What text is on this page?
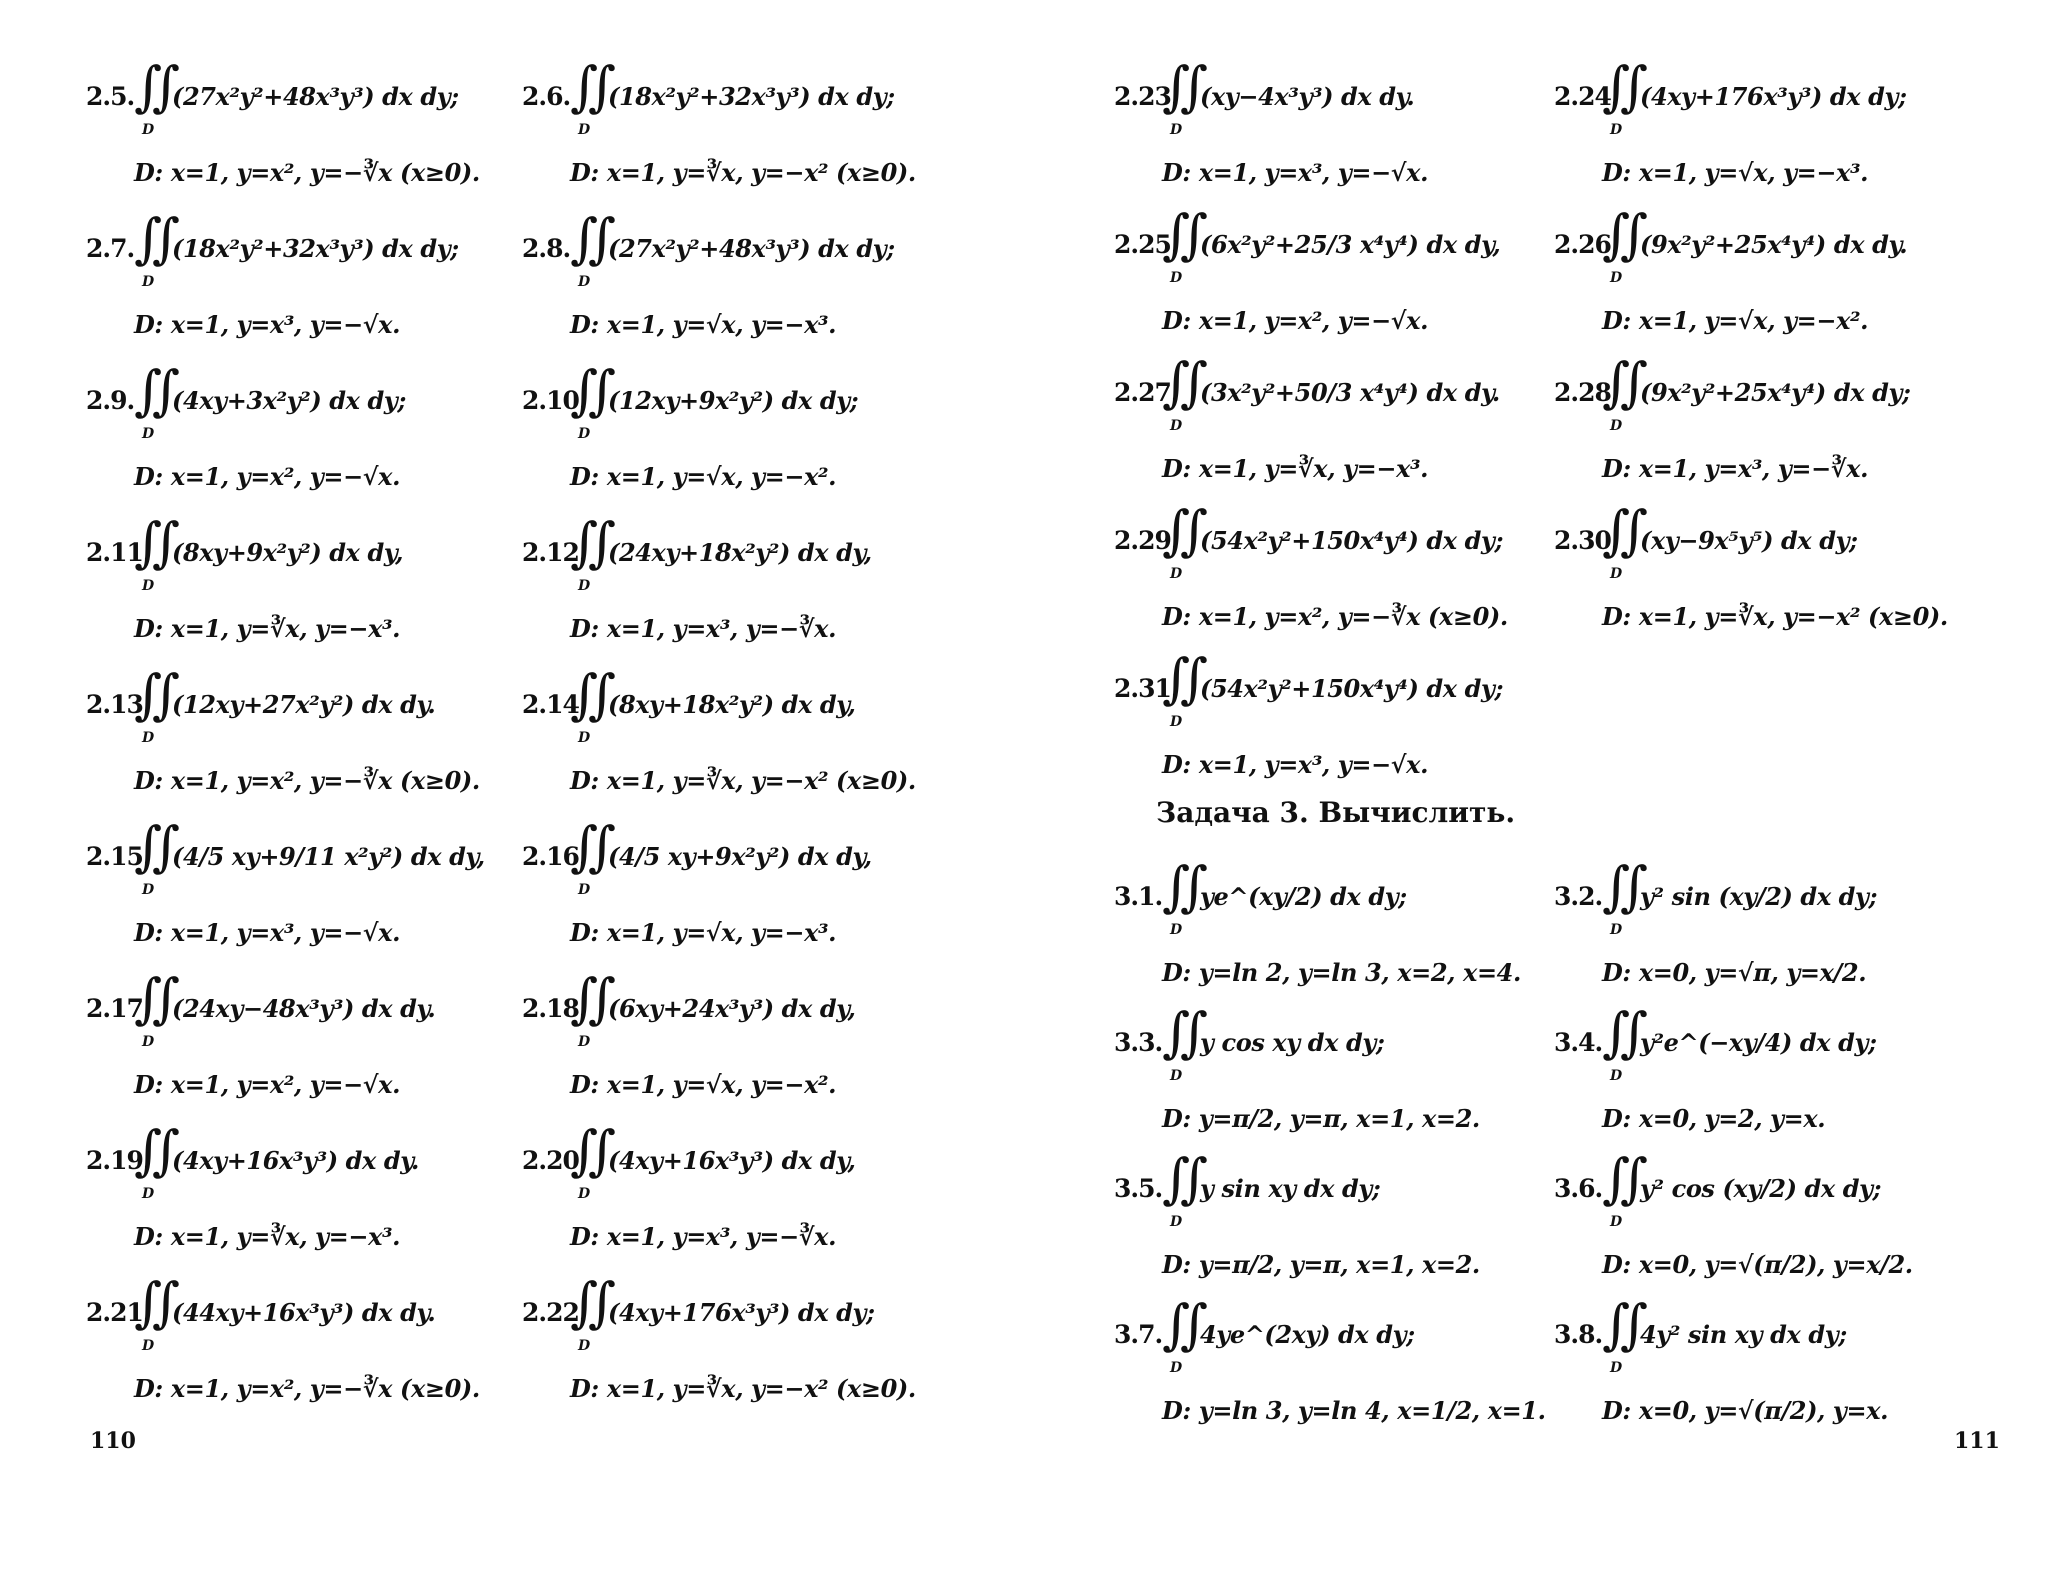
2.5. ∬
D
(27x²y²+48x³y³) dx dy;
D: x=1, y=x², y=−∛x (x≥0).
2.6. ∬
D
(18x²y²+32x³y³) dx dy;
D: x=1, y=∛x, y=−x² (x≥0).
2.7. ∬
D
(18x²y²+32x³y³) dx dy;
D: x=1, y=x³, y=−√x.
2.8. ∬
D
(27x²y²+48x³y³) dx dy;
D: x=1, y=√x, y=−x³.
2.9. ∬
D
(4xy+3x²y²) dx dy;
D: x=1, y=x², y=−√x.
2.10.
∬
D
(12xy+9x²y²) dx dy;
D: x=1, y=√x, y=−x².
2.11.
∬
D
(8xy+9x²y²) dx dy,
D: x=1, y=∛x, y=−x³.
2.12.
∬
D
(24xy+18x²y²) dx dy,
D: x=1, y=x³, y=−∛x.
2.13.
∬
D
(12xy+27x²y²) dx dy.
D: x=1, y=x², y=−∛x (x≥0).
2.14.
∬
D
(8xy+18x²y²) dx dy,
D: x=1, y=∛x, y=−x² (x≥0).
2.15.
∬
D
(4/5 xy+9/11 x²y²) dx dy,
D: x=1, y=x³, y=−√x.
2.16.
∬
D
(4/5 xy+9x²y²) dx dy,
D: x=1, y=√x, y=−x³.
2.17.
∬
D
(24xy−48x³y³) dx dy.
D: x=1, y=x², y=−√x.
2.18.
∬
D
(6xy+24x³y³) dx dy,
D: x=1, y=√x, y=−x².
2.19.
∬
D
(4xy+16x³y³) dx dy.
D: x=1, y=∛x, y=−x³.
2.20.
∬
D
(4xy+16x³y³) dx dy,
D: x=1, y=x³, y=−∛x.
2.21.
∬
D
(44xy+16x³y³) dx dy.
D: x=1, y=x², y=−∛x (x≥0).
2.22.
∬
D
(4xy+176x³y³) dx dy;
D: x=1, y=∛x, y=−x² (x≥0).
110
2.23.
∬
D
(xy−4x³y³) dx dy.
D: x=1, y=x³, y=−√x.
2.24.
∬
D
(4xy+176x³y³) dx dy;
D: x=1, y=√x, y=−x³.
2.25.
∬
D
(6x²y²+25/3 x⁴y⁴) dx dy,
D: x=1, y=x², y=−√x.
2.26.
∬
D
(9x²y²+25x⁴y⁴) dx dy.
D: x=1, y=√x, y=−x².
2.27.
∬
D
(3x²y²+50/3 x⁴y⁴) dx dy.
D: x=1, y=∛x, y=−x³.
2.28.
∬
D
(9x²y²+25x⁴y⁴) dx dy;
D: x=1, y=x³, y=−∛x.
2.29.
∬
D
(54x²y²+150x⁴y⁴) dx dy;
D: x=1, y=x², y=−∛x (x≥0).
2.30.
∬
D
(xy−9x⁵y⁵) dx dy;
D: x=1, y=∛x, y=−x² (x≥0).
2.31.
∬
D
(54x²y²+150x⁴y⁴) dx dy;
D: x=1, y=x³, y=−√x.
Задача 3. Вычислить.
3.1. ∬
D
ye^(xy/2) dx dy;
D: y=ln 2, y=ln 3, x=2, x=4.
3.2. ∬
D
y² sin (xy/2) dx dy;
D: x=0, y=√π, y=x/2.
3.3. ∬
D
y cos xy dx dy;
D: y=π/2, y=π, x=1, x=2.
3.4. ∬
D
y²e^(−xy/4) dx dy;
D: x=0, y=2, y=x.
3.5. ∬
D
y sin xy dx dy;
D: y=π/2, y=π, x=1, x=2.
3.6. ∬
D
y² cos (xy/2) dx dy;
D: x=0, y=√(π/2), y=x/2.
3.7. ∬
D
4ye^(2xy) dx dy;
D: y=ln 3, y=ln 4, x=1/2, x=1.
3.8. ∬
D
4y² sin xy dx dy;
D: x=0, y=√(π/2), y=x.
111
